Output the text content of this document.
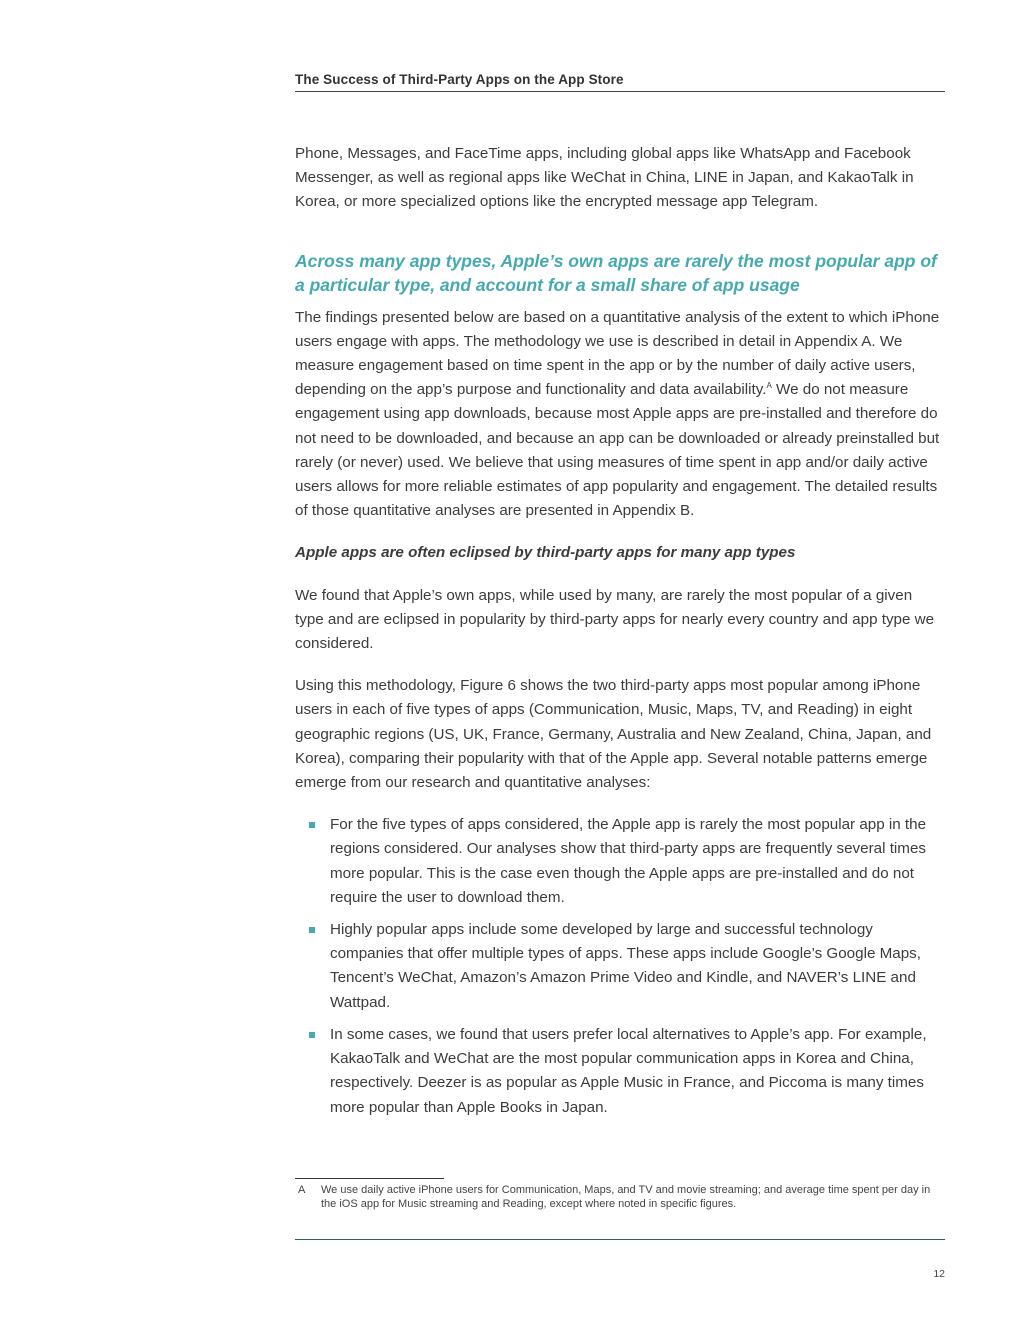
The Success of Third-Party Apps on the App Store

Phone, Messages, and FaceTime apps, including global apps like WhatsApp and Facebook Messenger, as well as regional apps like WeChat in China, LINE in Japan, and KakaoTalk in Korea, or more specialized options like the encrypted message app Telegram.

Across many app types, Apple’s own apps are rarely the most popular app of a particular type, and account for a small share of app usage

The findings presented below are based on a quantitative analysis of the extent to which iPhone users engage with apps. The methodology we use is described in detail in Appendix A. We measure engagement based on time spent in the app or by the number of daily active users, depending on the app’s purpose and functionality and data availability.$^A$ We do not measure engagement using app downloads, because most Apple apps are pre-installed and therefore do not need to be downloaded, and because an app can be downloaded or already preinstalled but rarely (or never) used. We believe that using measures of time spent in app and/or daily active users allows for more reliable estimates of app popularity and engagement. The detailed results of those quantitative analyses are presented in Appendix B.

Apple apps are often eclipsed by third-party apps for many app types

We found that Apple’s own apps, while used by many, are rarely the most popular of a given type and are eclipsed in popularity by third-party apps for nearly every country and app type we considered.

Using this methodology, Figure 6 shows the two third-party apps most popular among iPhone users in each of five types of apps (Communication, Music, Maps, TV, and Reading) in eight geographic regions (US, UK, France, Germany, Australia and New Zealand, China, Japan, and Korea), comparing their popularity with that of the Apple app. Several notable patterns emerge emerge from our research and quantitative analyses:

For the five types of apps considered, the Apple app is rarely the most popular app in the regions considered. Our analyses show that third-party apps are frequently several times more popular. This is the case even though the Apple apps are pre-installed and do not require the user to download them.
Highly popular apps include some developed by large and successful technology companies that offer multiple types of apps. These apps include Google’s Google Maps, Tencent’s WeChat, Amazon’s Amazon Prime Video and Kindle, and NAVER’s LINE and Wattpad.
In some cases, we found that users prefer local alternatives to Apple’s app. For example, KakaoTalk and WeChat are the most popular communication apps in Korea and China, respectively. Deezer is as popular as Apple Music in France, and Piccoma is many times more popular than Apple Books in Japan.
A We use daily active iPhone users for Communication, Maps, and TV and movie streaming; and average time spent per day in the iOS app for Music streaming and Reading, except where noted in specific figures.
12
